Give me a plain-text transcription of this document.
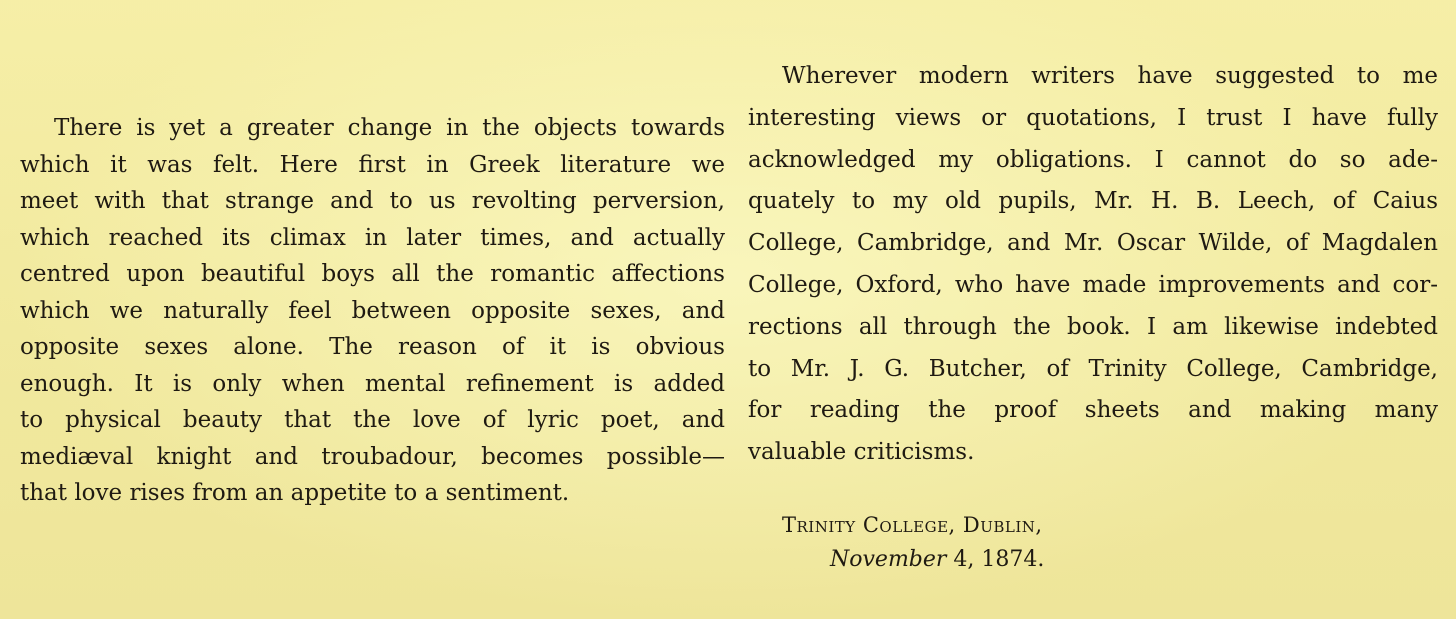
There is yet a greater change in the objects towards
which it was felt. Here first in Greek literature we
meet with that strange and to us revolting perversion,
which reached its climax in later times, and actually
centred upon beautiful boys all the romantic affections
which we naturally feel between opposite sexes, and
opposite sexes alone. The reason of it is obvious
enough. It is only when mental refinement is added
to physical beauty that the love of lyric poet, and
mediæval knight and troubadour, becomes possible—
that love rises from an appetite to a sentiment.
Wherever modern writers have suggested to me
interesting views or quotations, I trust I have fully
acknowledged my obligations. I cannot do so ade-
quately to my old pupils, Mr. H. B. Leech, of Caius
College, Cambridge, and Mr. Oscar Wilde, of Magdalen
College, Oxford, who have made improvements and cor-
rections all through the book. I am likewise indebted
to Mr. J. G. Butcher, of Trinity College, Cambridge,
for reading the proof sheets and making many
valuable criticisms.
Trinity College, Dublin,
November 4, 1874.
